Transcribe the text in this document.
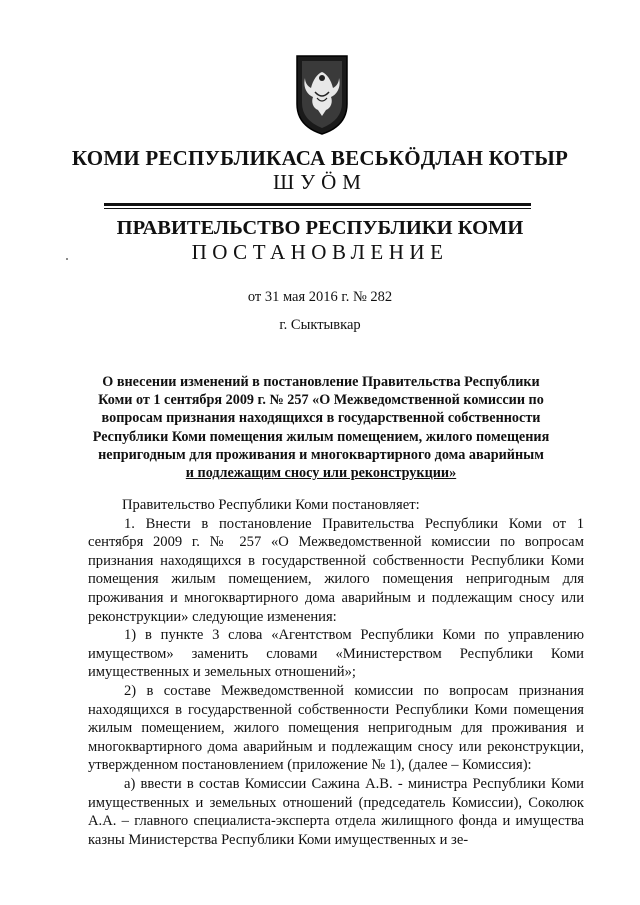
КОМИ РЕСПУБЛИКАСА ВЕСЬКӦДЛАН КОТЫР
ШУӦМ
ПРАВИТЕЛЬСТВО РЕСПУБЛИКИ КОМИ
ПОСТАНОВЛЕНИЕ
от 31 мая 2016 г. № 282
г. Сыктывкар
О внесении изменений в постановление Правительства Республики
Коми от 1 сентября 2009 г. № 257 «О Межведомственной комиссии по
вопросам признания находящихся в государственной собственности
Республики Коми помещения жилым помещением, жилого помещения
непригодным для проживания и многоквартирного дома аварийным
и подлежащим сносу или реконструкции»

Правительство Республики Коми постановляет:

1. Внести в постановление Правительства Республики Коми от 1 сентября 2009 г. № 257 «О Межведомственной комиссии по вопросам признания находящихся в государственной собственности Республики Коми помещения жилым помещением, жилого помещения непригодным для проживания и многоквартирного дома аварийным и подлежащим сносу или реконструкции» следующие изменения:

1) в пункте 3 слова «Агентством Республики Коми по управлению имуществом» заменить словами «Министерством Республики Коми имущественных и земельных отношений»;

2) в составе Межведомственной комиссии по вопросам признания находящихся в государственной собственности Республики Коми помещения жилым помещением, жилого помещения непригодным для проживания и многоквартирного дома аварийным и подлежащим сносу или реконструкции, утвержденном постановлением (приложение № 1), (далее – Комиссия):

а) ввести в состав Комиссии Сажина А.В. - министра Республики Коми имущественных и земельных отношений (председатель Комиссии), Соколюк А.А. – главного специалиста-эксперта отдела жилищного фонда и имущества казны Министерства Республики Коми имущественных и зе-
